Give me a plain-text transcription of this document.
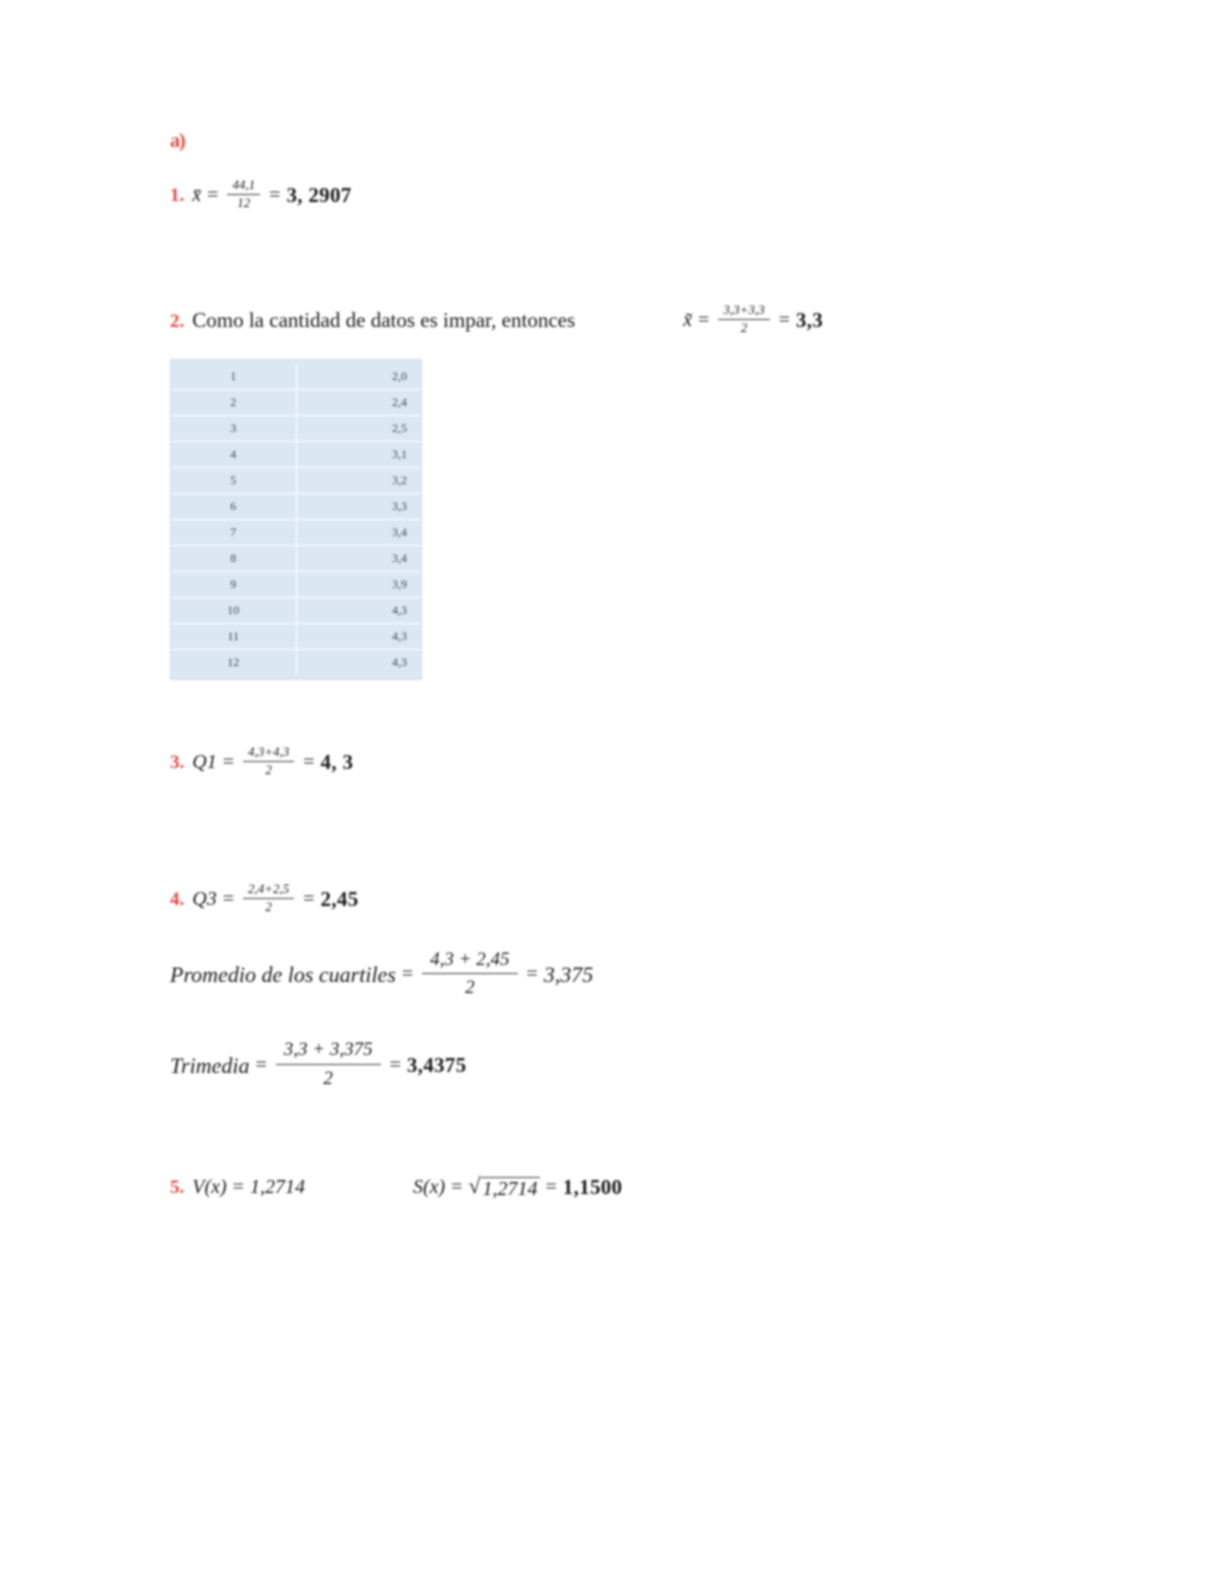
a)
1. x̄ = $\frac{44,1}{12} = 3$, 2907
2. Como la cantidad de datos es impar, entonces	x̃ = $\frac{3,3+3,3}{2} = 3,3$
1	2,0
2	2,4
3	2,5
4	3,1
5	3,2
6	3,3
7	3,4
8	3,4
9	3,9
10	4,3
11	4,3
12	4,3
3. $Q1 = \frac{4,3+4,3}{2} = 4$, 3
4. $Q3 = \frac{2,4+2,5}{2} = 2,45$
Promedio de los cuartiles = $\frac{4,3 + 2,45}{2} = 3,375$
Trimedia = $\frac{3,3 + 3,375}{2} = 3,4375$
5. V(x) = 1,2714	S(x) = √ 1,2714 = 1,1500
